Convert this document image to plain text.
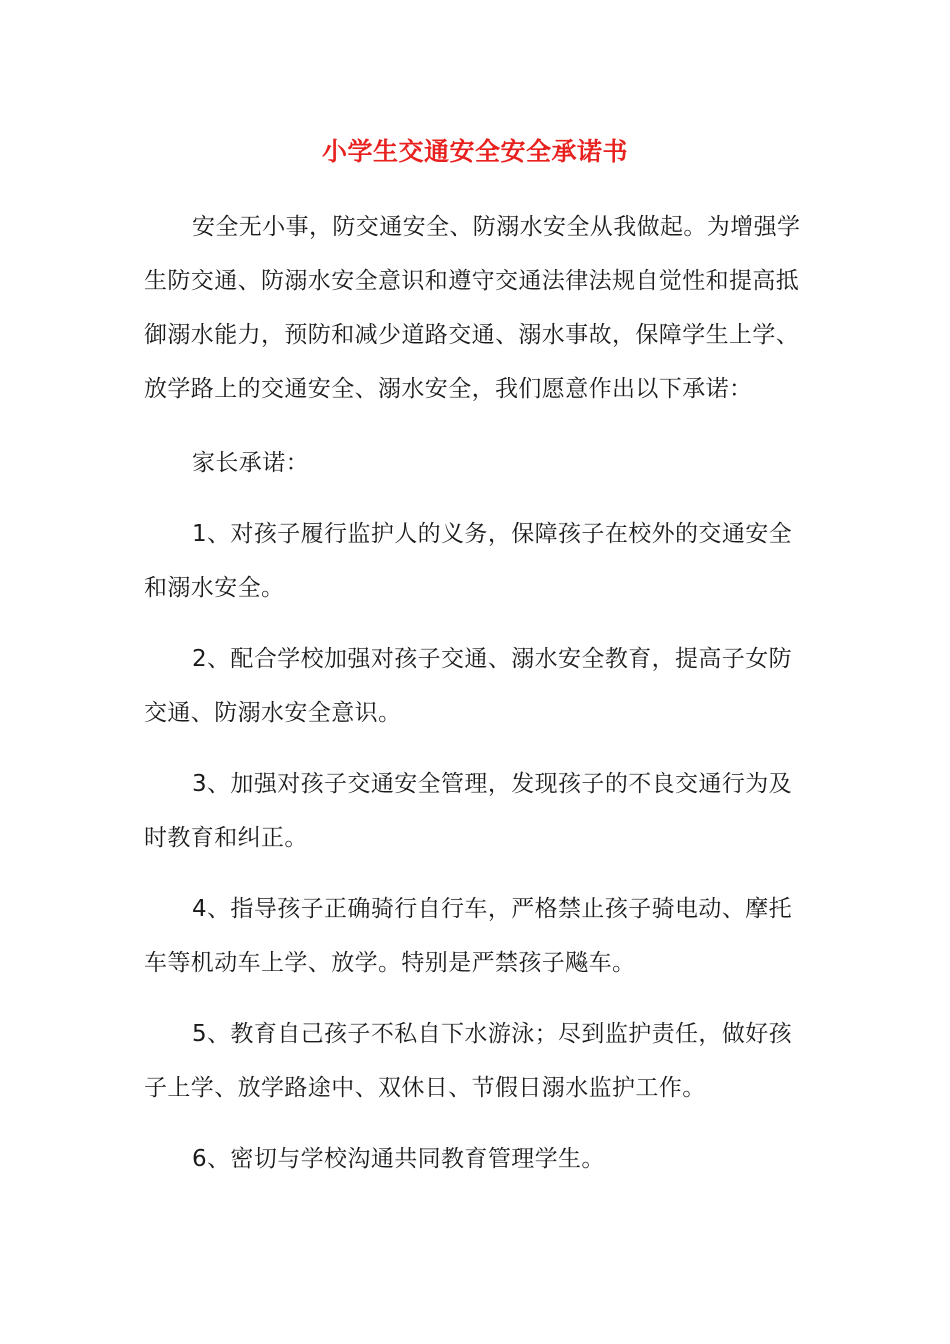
小学生交通安全安全承诺书

安全无小事，防交通安全、防溺水安全从我做起。为增强学生防交通、防溺水安全意识和遵守交通法律法规自觉性和提高抵御溺水能力，预防和减少道路交通、溺水事故，保障学生上学、放学路上的交通安全、溺水安全，我们愿意作出以下承诺：

家长承诺：

1、对孩子履行监护人的义务，保障孩子在校外的交通安全和溺水安全。

2、配合学校加强对孩子交通、溺水安全教育，提高子女防交通、防溺水安全意识。

3、加强对孩子交通安全管理，发现孩子的不良交通行为及时教育和纠正。

4、指导孩子正确骑行自行车，严格禁止孩子骑电动、摩托车等机动车上学、放学。特别是严禁孩子飚车。

5、教育自己孩子不私自下水游泳；尽到监护责任，做好孩子上学、放学路途中、双休日、节假日溺水监护工作。

6、密切与学校沟通共同教育管理学生。
